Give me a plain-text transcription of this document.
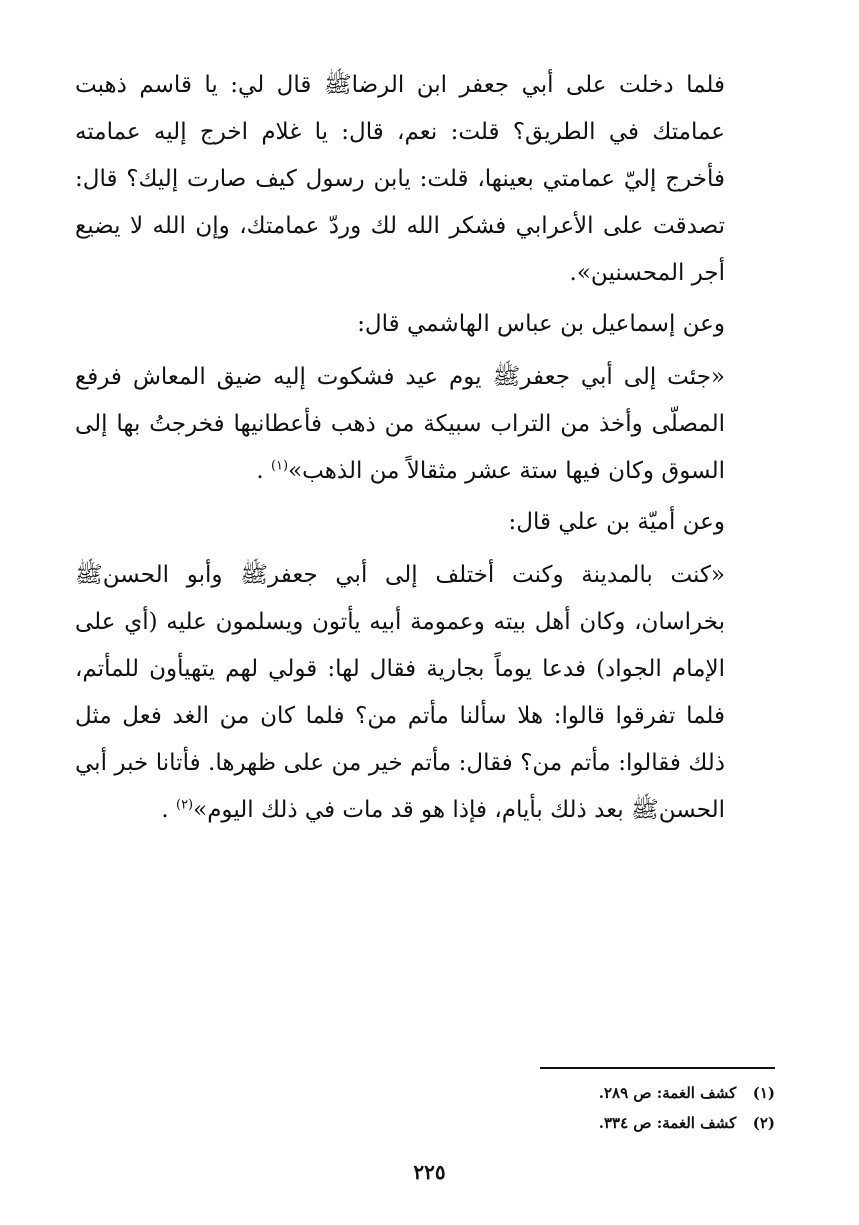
فلما دخلت على أبي جعفر ابن الرضاﷺ قال لي: يا قاسم ذهبت عمامتك في الطريق؟ قلت: نعم، قال: يا غلام اخرج إليه عمامته فأخرج إليّ عمامتي بعينها، قلت: يابن رسول كيف صارت إليك؟ قال: تصدقت على الأعرابي فشكر الله لك وردّ عمامتك، وإن الله لا يضيع أجر المحسنين».

وعن إسماعيل بن عباس الهاشمي قال:

«جئت إلى أبي جعفرﷺ يوم عيد فشكوت إليه ضيق المعاش فرفع المصلّى وأخذ من التراب سبيكة من ذهب فأعطانيها فخرجتُ بها إلى السوق وكان فيها ستة عشر مثقالاً من الذهب»$^{(١)}$ .

وعن أميّة بن علي قال:

«كنت بالمدينة وكنت أختلف إلى أبي جعفرﷺ وأبو الحسنﷺ بخراسان، وكان أهل بيته وعمومة أبيه يأتون ويسلمون عليه (أي على الإمام الجواد) فدعا يوماً بجارية فقال لها: قولي لهم يتهيأون للمأتم، فلما تفرقوا قالوا: هلا سألنا مأتم من؟ فلما كان من الغد فعل مثل ذلك فقالوا: مأتم من؟ فقال: مأتم خير من على ظهرها. فأتانا خبر أبي الحسنﷺ بعد ذلك بأيام، فإذا هو قد مات في ذلك اليوم»$^{(٢)}$ .

(١) كشف الغمة: ص ٢٨٩.
(٢) كشف الغمة: ص ٣٣٤.
٢٢٥
